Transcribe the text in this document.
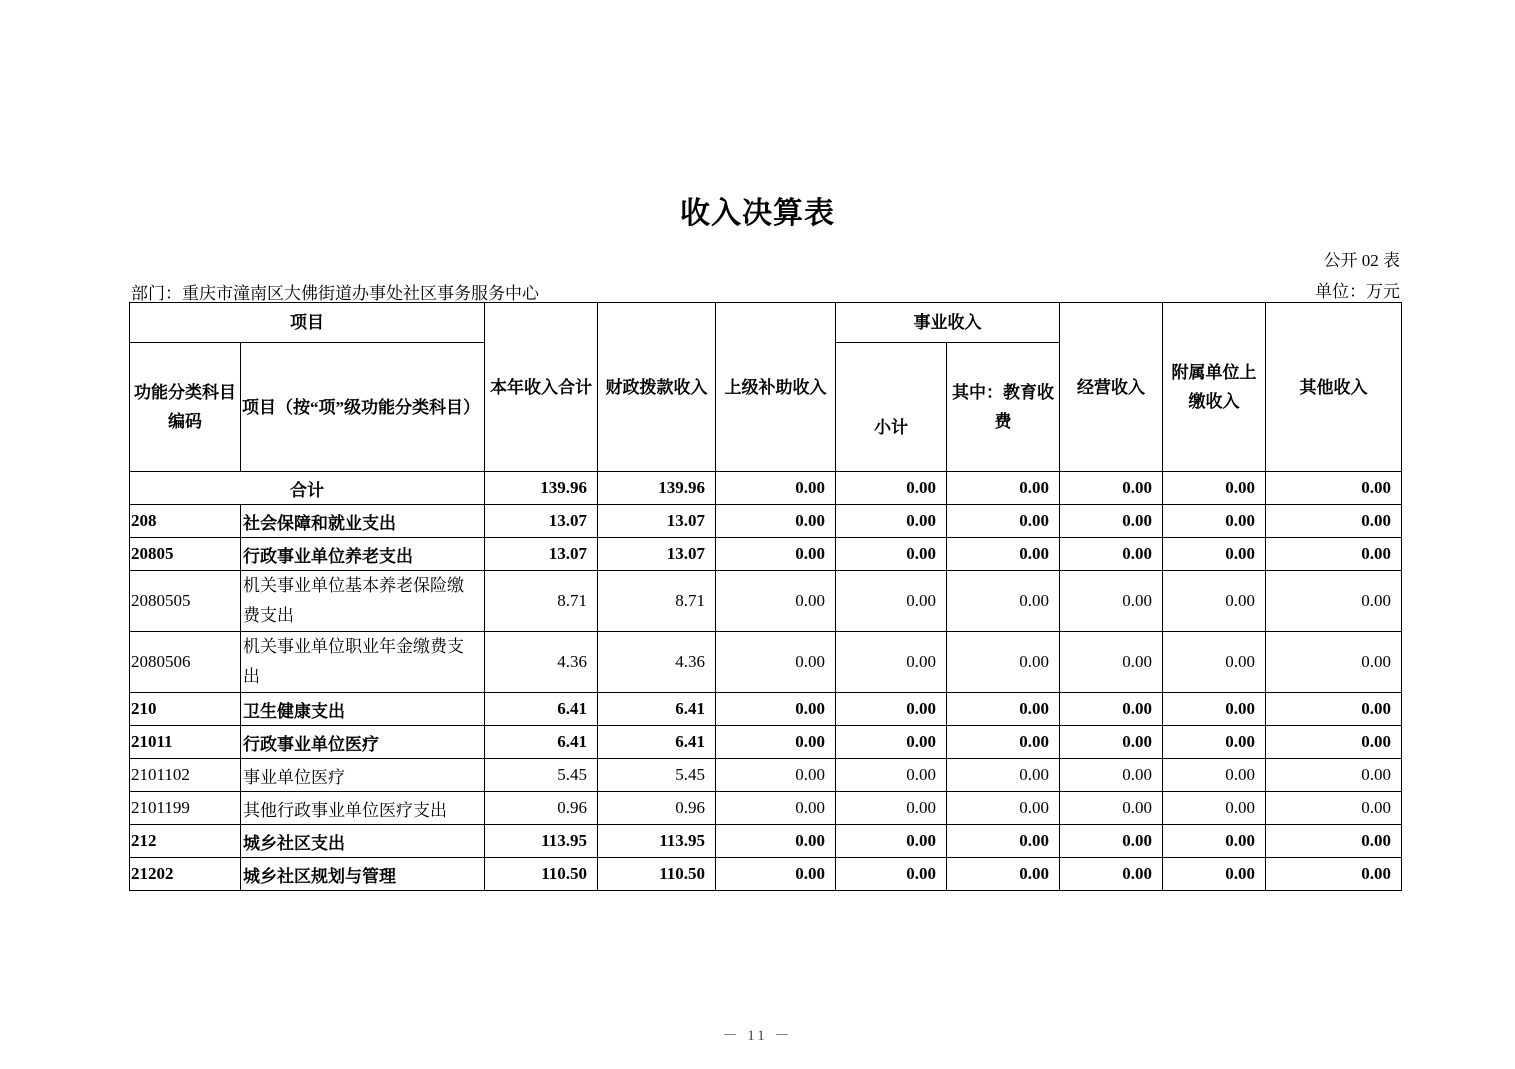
收入决算表
公开 02 表
部门：重庆市潼南区大佛街道办事处社区事务服务中心	单位：万元
项目		本年收入合计	财政拨款收入	上级补助收入	事业收入		经营收入	附属单位上缴收入	其他收入
功能分类科目编码	项目（按“项”级功能分类科目）				小计	其中：教育收费			

合计		139.96	139.96	0.00	0.00	0.00	0.00	0.00	0.00
208	社会保障和就业支出	13.07	13.07	0.00	0.00	0.00	0.00	0.00	0.00
20805	行政事业单位养老支出	13.07	13.07	0.00	0.00	0.00	0.00	0.00	0.00
2080505	机关事业单位基本养老保险缴费支出	8.71	8.71	0.00	0.00	0.00	0.00	0.00	0.00
2080506	机关事业单位职业年金缴费支出	4.36	4.36	0.00	0.00	0.00	0.00	0.00	0.00
210	卫生健康支出	6.41	6.41	0.00	0.00	0.00	0.00	0.00	0.00
21011	行政事业单位医疗	6.41	6.41	0.00	0.00	0.00	0.00	0.00	0.00
2101102	事业单位医疗	5.45	5.45	0.00	0.00	0.00	0.00	0.00	0.00
2101199	其他行政事业单位医疗支出	0.96	0.96	0.00	0.00	0.00	0.00	0.00	0.00
212	城乡社区支出	113.95	113.95	0.00	0.00	0.00	0.00	0.00	0.00
21202	城乡社区规划与管理	110.50	110.50	0.00	0.00	0.00	0.00	0.00	0.00
－ 11 －
